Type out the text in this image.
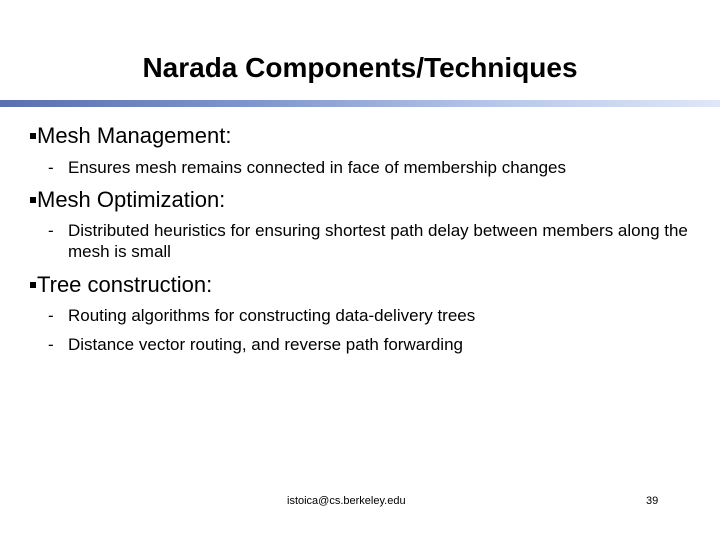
Narada Components/Techniques
Mesh Management:
- Ensures mesh remains connected in face of membership changes
Mesh Optimization:
- Distributed heuristics for ensuring shortest path delay between members along the mesh is small
Tree construction:
- Routing algorithms for constructing data-delivery trees
- Distance vector routing, and reverse path forwarding
istoica@cs.berkeley.edu	39
